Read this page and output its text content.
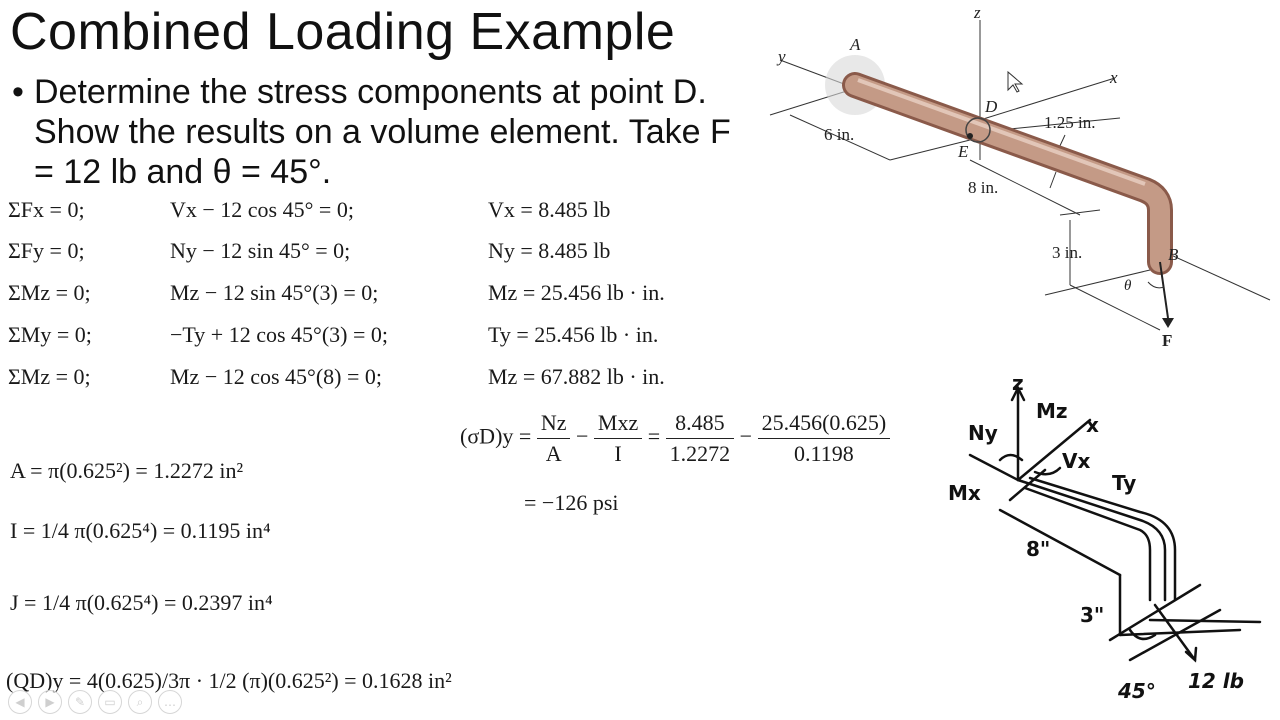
Combined Loading Example
• Determine the stress components at point D. Show the results on a volume element. Take F = 12 lb and θ = 45°.
ΣFx = 0;	Vx − 12 cos 45° = 0;	Vx = 8.485 lb
ΣFy = 0;	Ny − 12 sin 45° = 0;	Ny = 8.485 lb
ΣMz = 0;	Mz − 12 sin 45°(3) = 0;	Mz = 25.456 lb · in.
ΣMy = 0;	−Ty + 12 cos 45°(3) = 0;	Ty = 25.456 lb · in.
ΣMz = 0;	Mz − 12 cos 45°(8) = 0;	Mz = 67.882 lb · in.
A = π(0.625²) = 1.2272 in²
I = 1/4 π(0.625⁴) = 0.1195 in⁴
J = 1/4 π(0.625⁴) = 0.2397 in⁴
(QD)y = 4(0.625)/3π · 1/2 (π)(0.625²) = 0.1628 in²
$(\sigma D)y = \frac{Nz}{A} - \frac{\text{Mxz}}{I} = \frac{8.485}{1.2272} - \frac{25.456(0.625)}{0.1198}$
= −126 psi
z
y
x
A
D
E
B
F
θ
6 in.
8 in.
3 in.
1.25 in.
z
Mz
x
Ny
Vx
Ty
Mx
8"
3"
45° 12 lb
◀	▶	✎	▭	⌕	…
